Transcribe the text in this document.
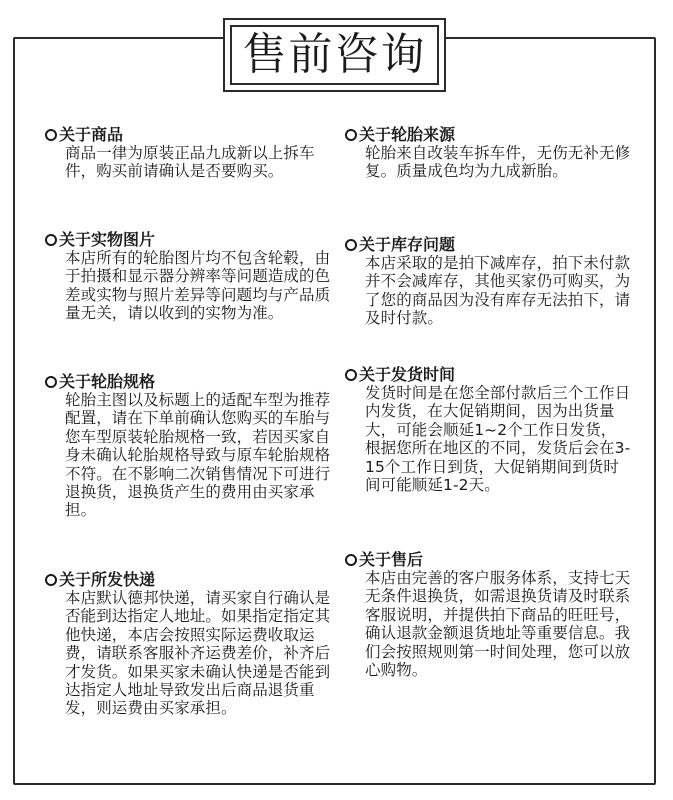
售前咨询
关于商品
商品一律为原装正品九成新以上拆车件，购买前请确认是否要购买。
关于实物图片
本店所有的轮胎图片均不包含轮毂，由于拍摄和显示器分辨率等问题造成的色差或实物与照片差异等问题均与产品质量无关，请以收到的实物为准。
关于轮胎规格
轮胎主图以及标题上的适配车型为推荐配置，请在下单前确认您购买的车胎与您车型原装轮胎规格一致，若因买家自身未确认轮胎规格导致与原车轮胎规格不符。在不影响二次销售情况下可进行退换货，退换货产生的费用由买家承担。
关于所发快递
本店默认德邦快递，请买家自行确认是否能到达指定人地址。如果指定指定其他快递，本店会按照实际运费收取运费，请联系客服补齐运费差价，补齐后才发货。如果买家未确认快递是否能到达指定人地址导致发出后商品退货重发，则运费由买家承担。
关于轮胎来源
轮胎来自改装车拆车件，无伤无补无修复。质量成色均为九成新胎。
关于库存问题
本店采取的是拍下减库存，拍下未付款并不会减库存，其他买家仍可购买，为了您的商品因为没有库存无法拍下，请及时付款。
关于发货时间
发货时间是在您全部付款后三个工作日内发货，在大促销期间，因为出货量大，可能会顺延1~2个工作日发货，根据您所在地区的不同，发货后会在3-15个工作日到货，大促销期间到货时间可能顺延1-2天。
关于售后
本店由完善的客户服务体系，支持七天无条件退换货，如需退换货请及时联系客服说明，并提供拍下商品的旺旺号，确认退款金额退货地址等重要信息。我们会按照规则第一时间处理，您可以放心购物。
